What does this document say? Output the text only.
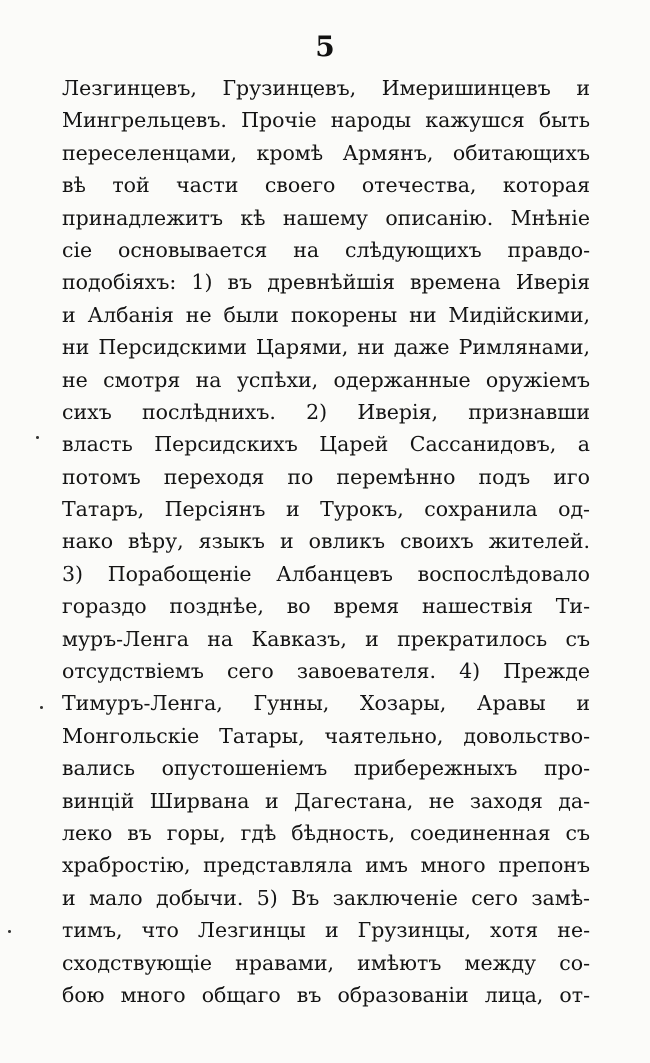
5
Лезгинцевъ, Грузинцевъ, Имеришинцевъ и
Мингрельцевъ. Прочіе народы кажушся быть
переселенцами, кромѣ Армянъ, обитающихъ
вѣ той части своего отечества, которая
принадлежитъ кѣ нашему описанію. Мнѣніе
сіе основывается на слѣдующихъ правдо-
подобіяхъ: 1) въ древнѣйшія времена Иверія
и Албанія не были покорены ни Мидійскими,
ни Персидскими Царями, ни даже Римлянами,
не смотря на успѣхи, одержанные оружіемъ
сихъ послѣднихъ. 2) Иверія, признавши
власть Персидскихъ Царей Сассанидовъ, а
потомъ переходя по перемѣнно подъ иго
Татаръ, Персіянъ и Турокъ, сохранила од-
нако вѣру, языкъ и овликъ своихъ жителей.
3) Порабощеніе Албанцевъ воспослѣдовало
гораздо позднѣе, во время нашествія Ти-
муръ-Ленга на Кавказъ, и прекратилось съ
отсудствіемъ сего завоевателя. 4) Прежде
Тимуръ-Ленга, Гунны, Хозары, Аравы и
Монгольскіе Татары, чаятельно, довольство-
вались опустошеніемъ прибережныхъ про-
винцій Ширвана и Дагестана, не заходя да-
леко въ горы, гдѣ бѣдность, соединенная съ
храбростію, представляла имъ много препонъ
и мало добычи. 5) Въ заключеніе сего замѣ-
тимъ, что Лезгинцы и Грузинцы, хотя не-
сходствующіе нравами, имѣютъ между со-
бою много общаго въ образованіи лица, от-
